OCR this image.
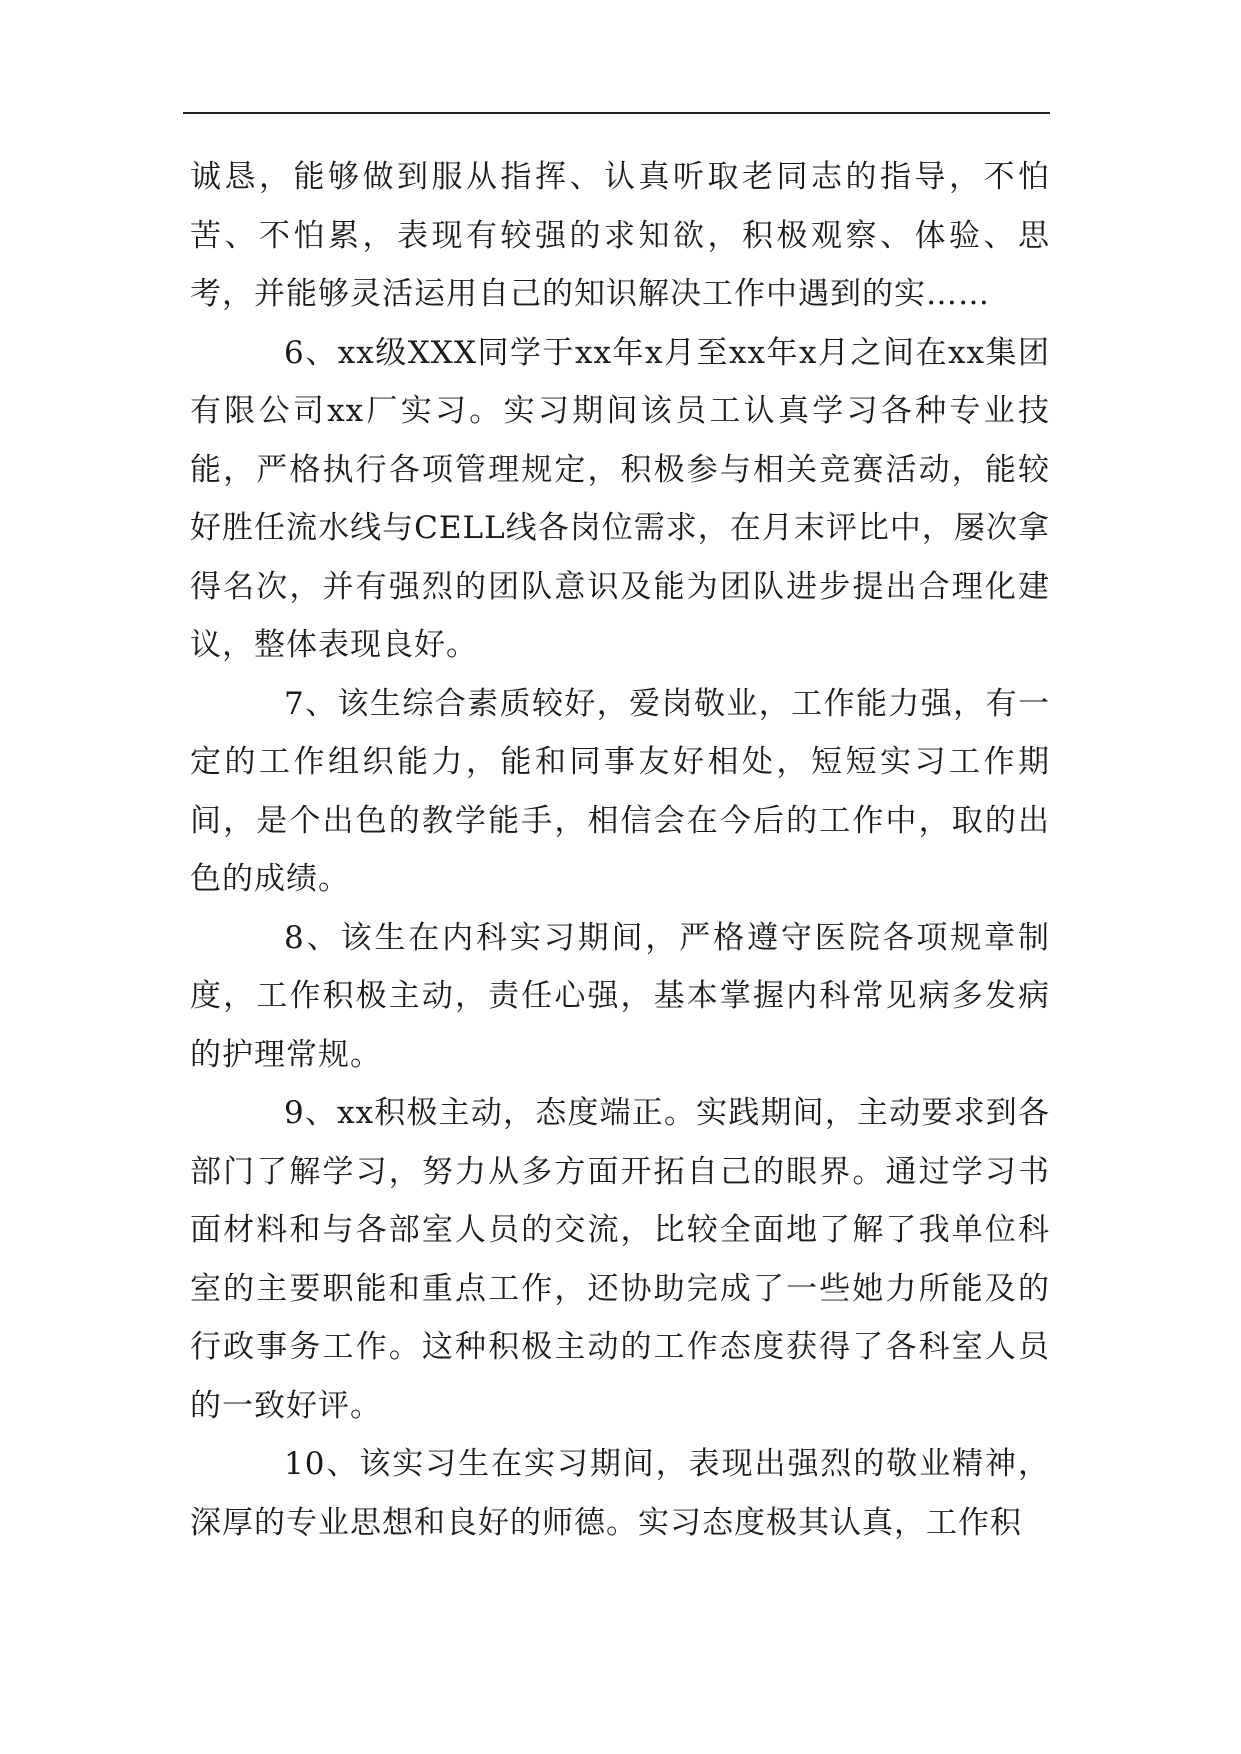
诚恳，能够做到服从指挥、认真听取老同志的指导，不怕苦、不怕累，表现有较强的求知欲，积极观察、体验、思考，并能够灵活运用自己的知识解决工作中遇到的实……

6、xx级XXX同学于xx年x月至xx年x月之间在xx集团有限公司xx厂实习。实习期间该员工认真学习各种专业技能，严格执行各项管理规定，积极参与相关竞赛活动，能较好胜任流水线与CELL线各岗位需求，在月末评比中，屡次拿得名次，并有强烈的团队意识及能为团队进步提出合理化建议，整体表现良好。

7、该生综合素质较好，爱岗敬业，工作能力强，有一定的工作组织能力，能和同事友好相处，短短实习工作期间，是个出色的教学能手，相信会在今后的工作中，取的出色的成绩。

8、该生在内科实习期间，严格遵守医院各项规章制度，工作积极主动，责任心强，基本掌握内科常见病多发病的护理常规。

9、xx积极主动，态度端正。实践期间，主动要求到各部门了解学习，努力从多方面开拓自己的眼界。通过学习书面材料和与各部室人员的交流，比较全面地了解了我单位科室的主要职能和重点工作，还协助完成了一些她力所能及的行政事务工作。这种积极主动的工作态度获得了各科室人员的一致好评。

10、该实习生在实习期间，表现出强烈的敬业精神，深厚的专业思想和良好的师德。实习态度极其认真，工作积
